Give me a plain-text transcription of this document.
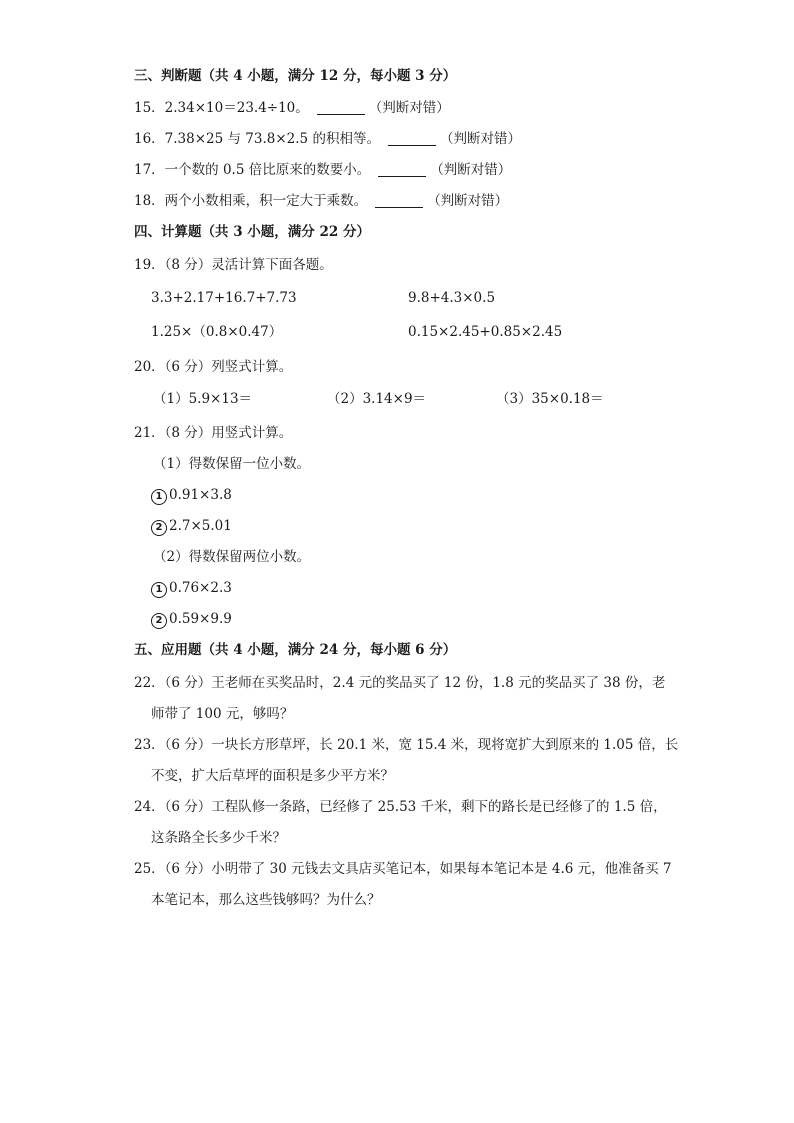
三、判断题（共 4 小题，满分 12 分，每小题 3 分）
15．2.34×10＝23.4÷10。	（判断对错）
16．7.38×25 与 73.8×2.5 的积相等。	（判断对错）
17．一个数的 0.5 倍比原来的数要小。	（判断对错）
18．两个小数相乘，积一定大于乘数。	（判断对错）
四、计算题（共 3 小题，满分 22 分）
19．（8 分）灵活计算下面各题。
3.3+2.17+16.7+7.73	9.8+4.3×0.5
1.25×（0.8×0.47）	0.15×2.45+0.85×2.45
20．（6 分）列竖式计算。
（1）5.9×13＝	（2）3.14×9＝	（3）35×0.18＝
21．（8 分）用竖式计算。
（1）得数保留一位小数。
1 0.91×3.8
2 2.7×5.01
（2）得数保留两位小数。
1 0.76×2.3
2 0.59×9.9
五、应用题（共 4 小题，满分 24 分，每小题 6 分）
22．（6 分）王老师在买奖品时，2.4 元的奖品买了 12 份，1.8 元的奖品买了 38 份，老
师带了 100 元，够吗？
23．（6 分）一块长方形草坪，长 20.1 米，宽 15.4 米，现将宽扩大到原来的 1.05 倍，长
不变，扩大后草坪的面积是多少平方米？
24．（6 分）工程队修一条路，已经修了 25.53 千米，剩下的路长是已经修了的 1.5 倍，
这条路全长多少千米？
25．（6 分）小明带了 30 元钱去文具店买笔记本，如果每本笔记本是 4.6 元，他准备买 7
本笔记本，那么这些钱够吗？为什么？
